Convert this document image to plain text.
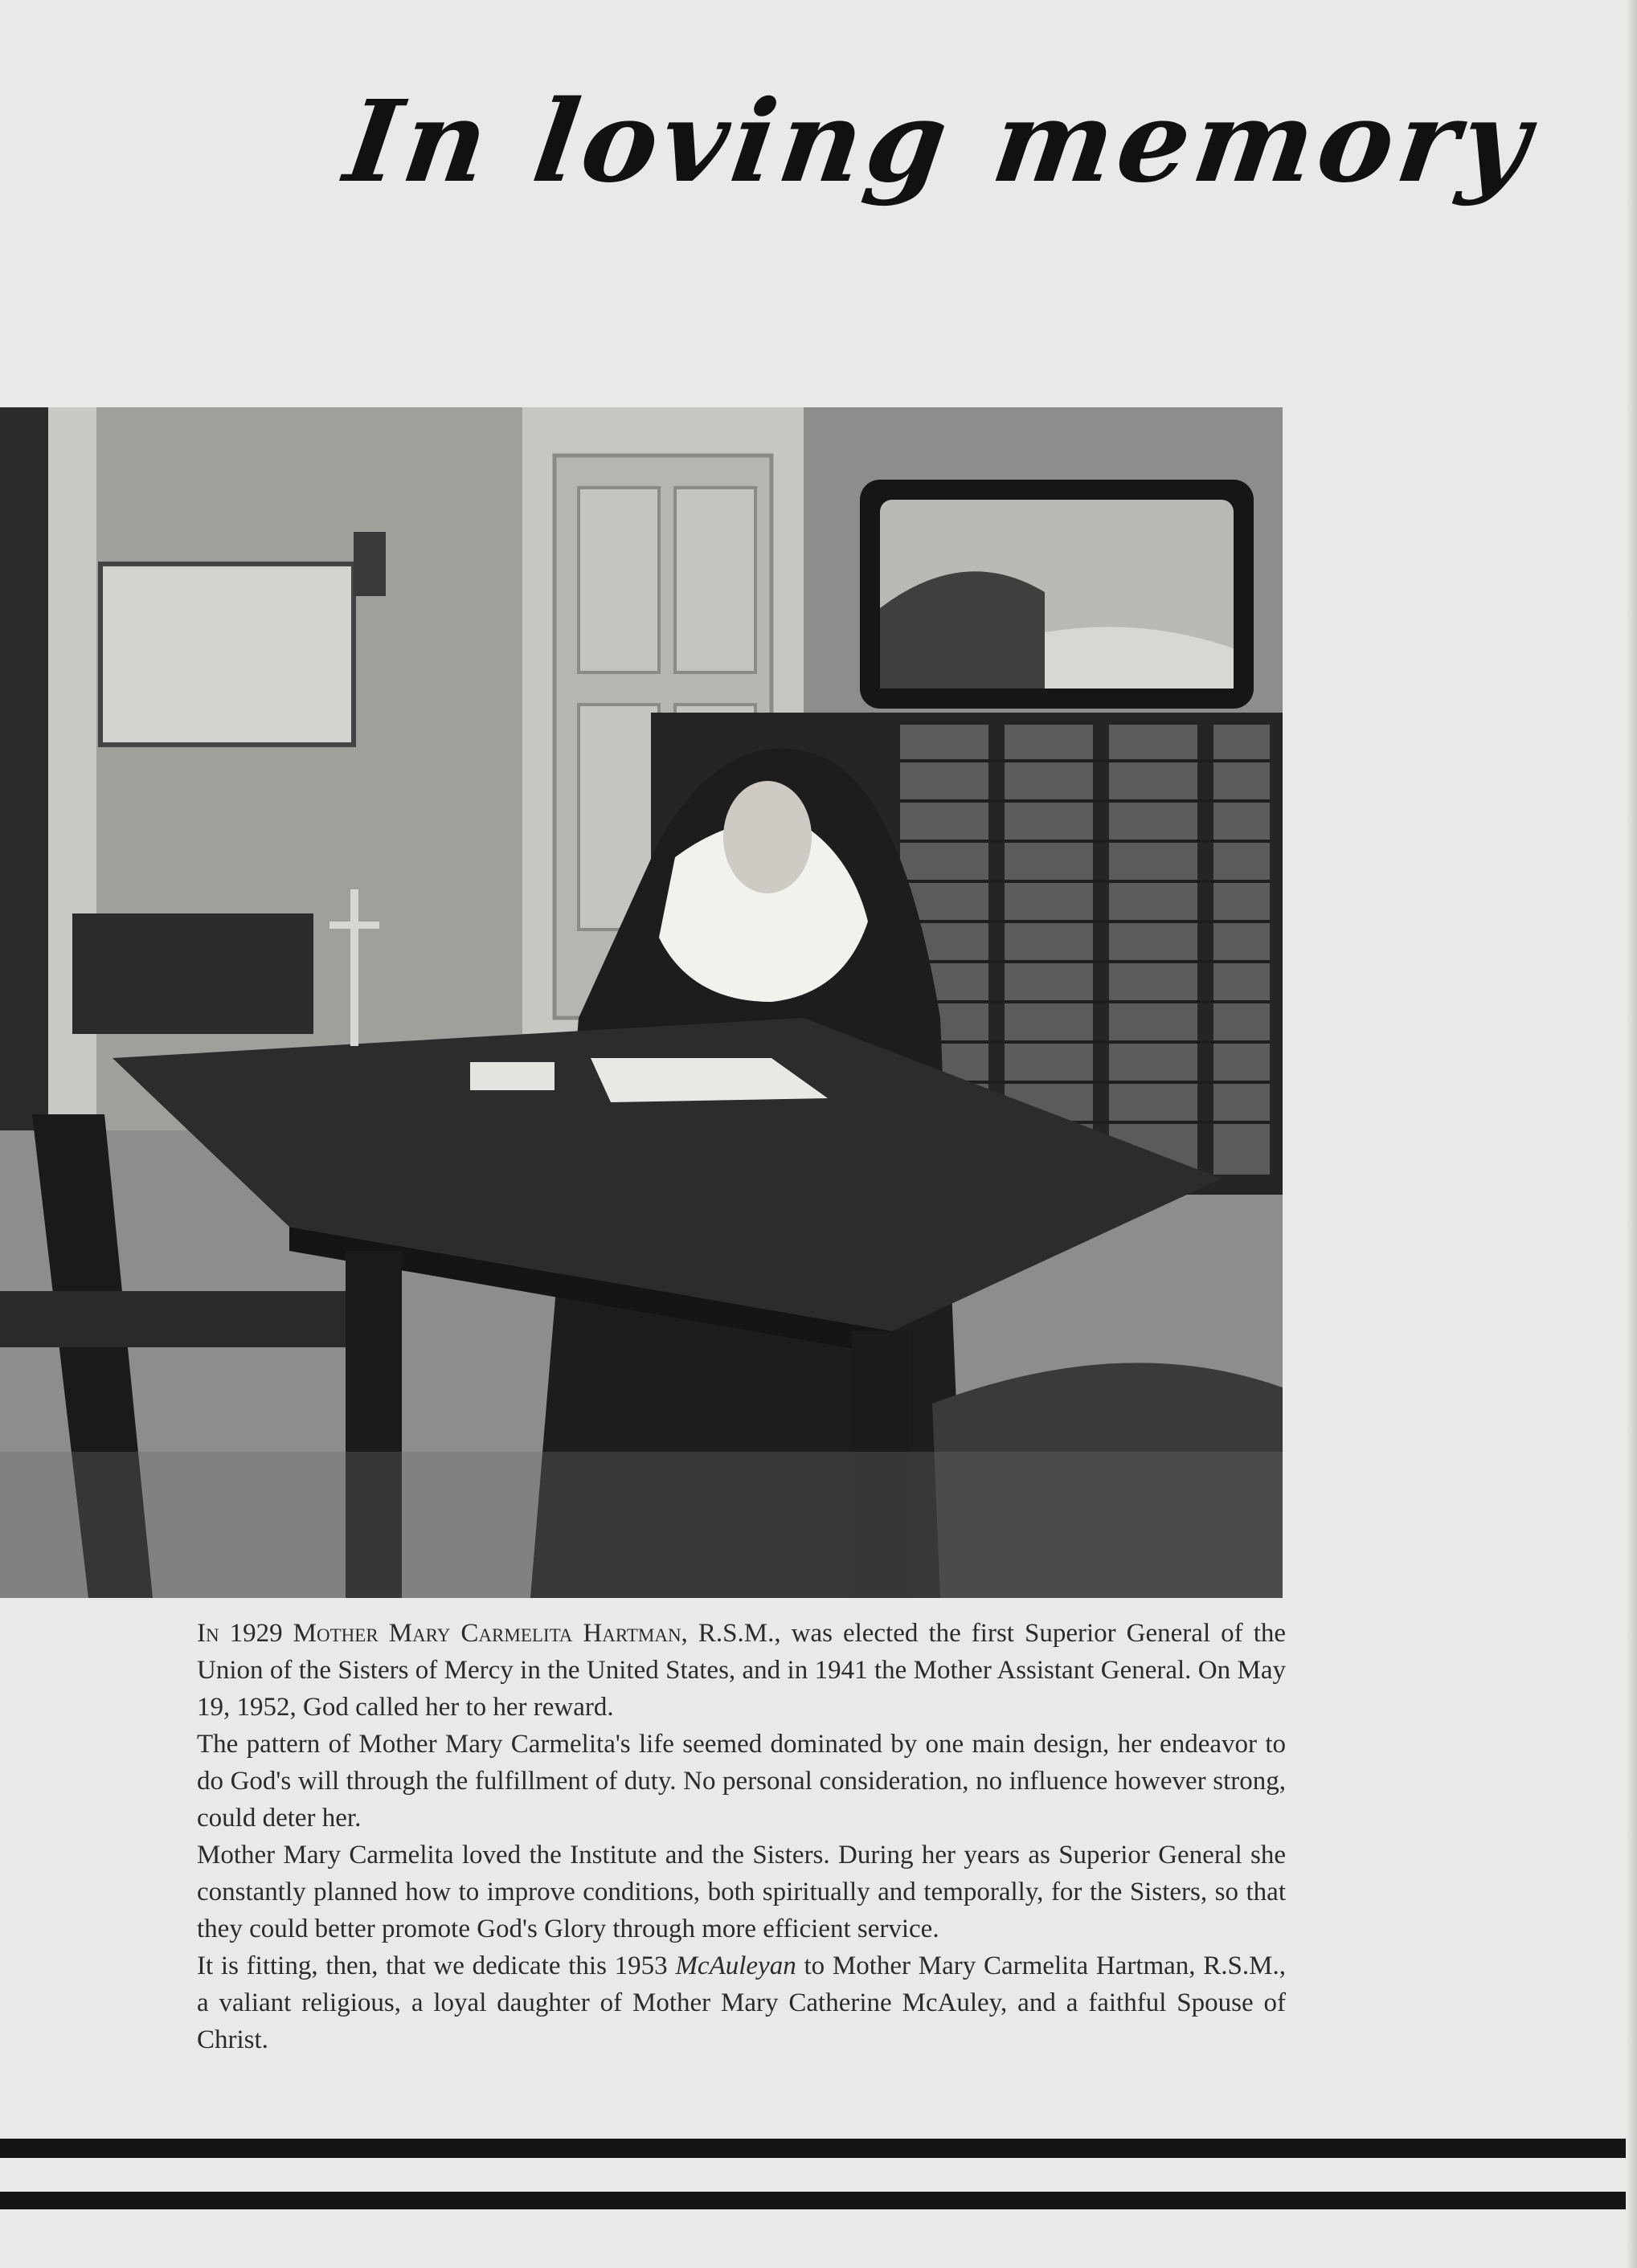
In loving memory

In 1929 Mother Mary Carmelita Hartman, R.S.M., was elected the first Superior General of the Union of the Sisters of Mercy in the United States, and in 1941 the Mother Assistant General. On May 19, 1952, God called her to her reward.

The pattern of Mother Mary Carmelita's life seemed dominated by one main design, her endeavor to do God's will through the fulfillment of duty. No personal consideration, no influence however strong, could deter her.

Mother Mary Carmelita loved the Institute and the Sisters. During her years as Superior General she constantly planned how to improve conditions, both spiritually and temporally, for the Sisters, so that they could better promote God's Glory through more efficient service.

It is fitting, then, that we dedicate this 1953 McAuleyan to Mother Mary Carmelita Hartman, R.S.M., a valiant religious, a loyal daughter of Mother Mary Catherine McAuley, and a faithful Spouse of Christ.
